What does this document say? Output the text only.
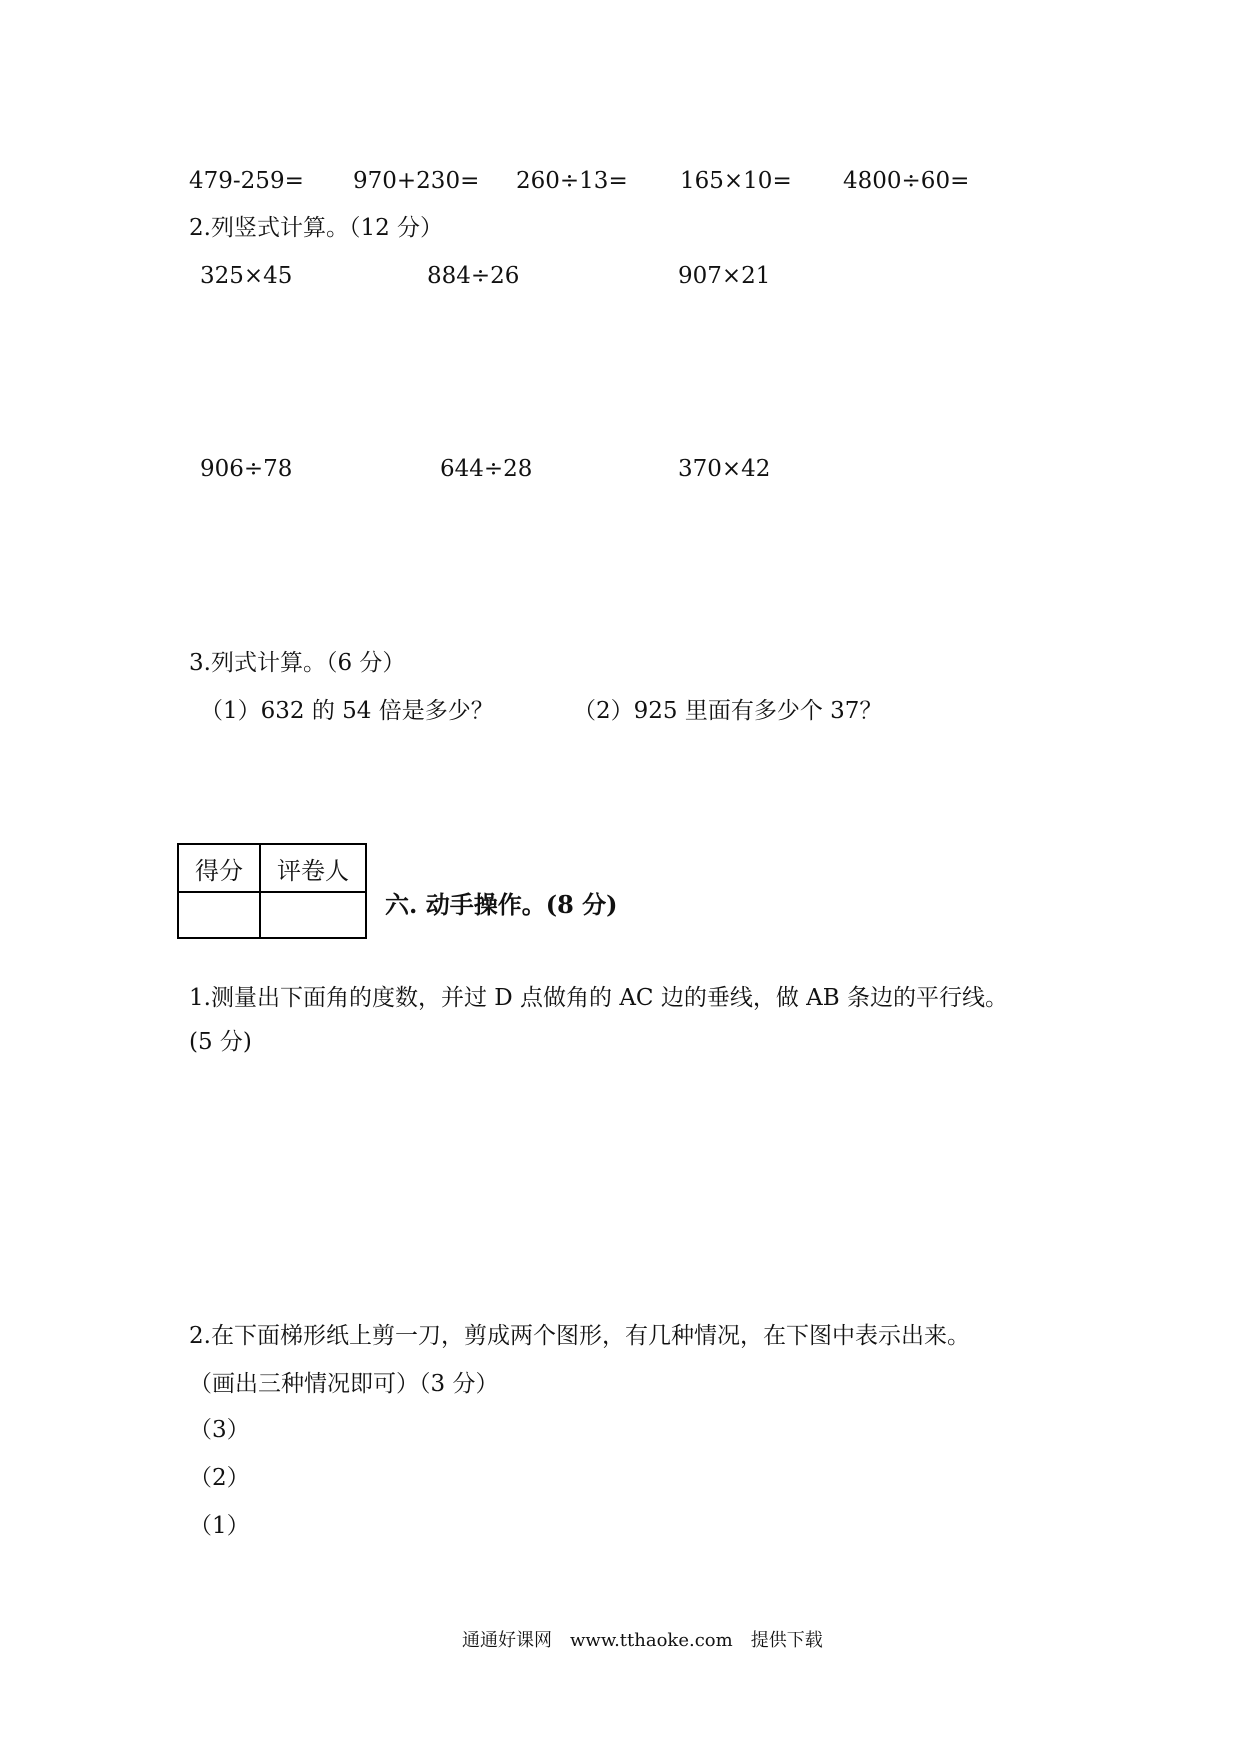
479-259= 970+230= 260÷13= 165×10= 4800÷60=
2.列竖式计算。（12 分）
325×45	884÷26	907×21
906÷78	644÷28	370×42
3.列式计算。（6 分）
（1）632 的 54 倍是多少？	（2）925 里面有多少个 37？
得分	评卷人

六. 动手操作。(8 分)
1.测量出下面角的度数，并过 D 点做角的 AC 边的垂线，做 AB 条边的平行线。
(5 分)
2.在下面梯形纸上剪一刀，剪成两个图形，有几种情况，在下图中表示出来。
（画出三种情况即可）（3 分）
（3）
（2）
（1）
通通好课网　www.tthaoke.com　提供下载
